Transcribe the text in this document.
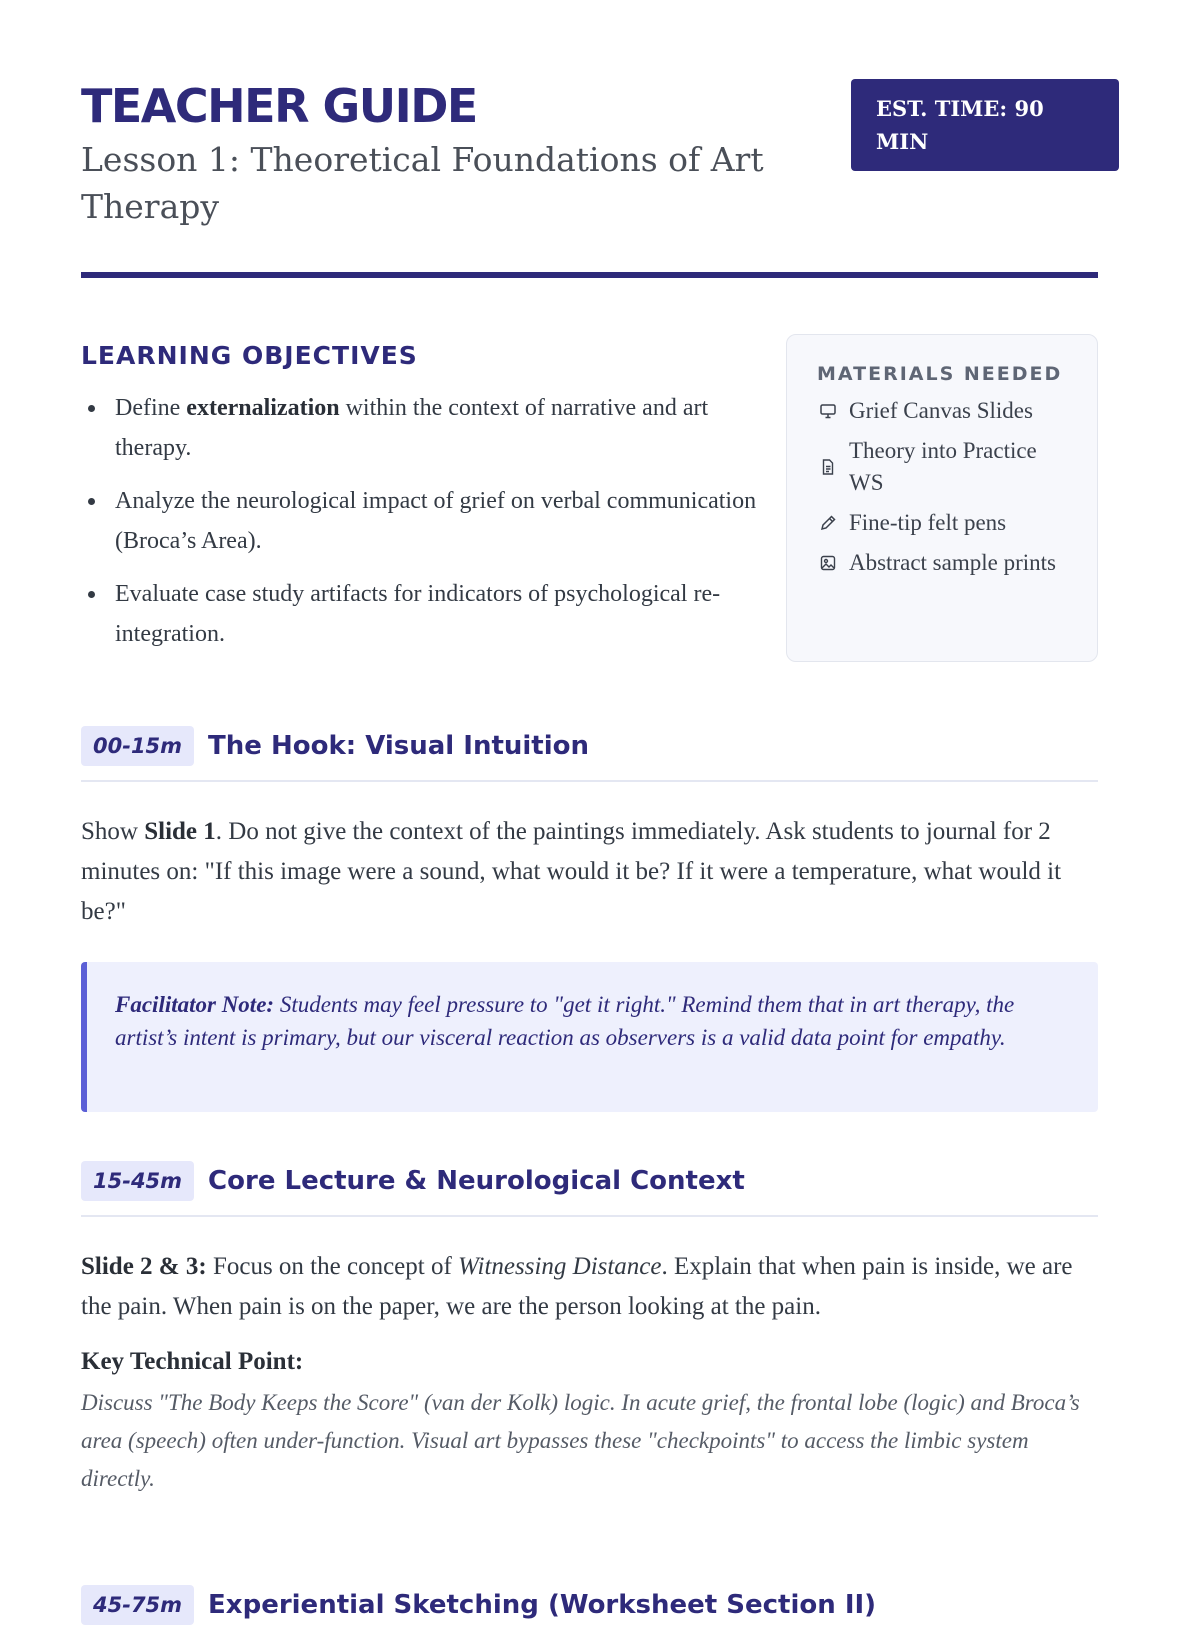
TEACHER GUIDE
Lesson 1: Theoretical Foundations of Art Therapy
EST. TIME: 90 MIN
LEARNING OBJECTIVES
Define externalization within the context of narrative and art therapy.
Analyze the neurological impact of grief on verbal communication (Broca’s Area).
Evaluate case study artifacts for indicators of psychological re-integration.
MATERIALS NEEDED
Grief Canvas Slides
Theory into Practice WS
Fine-tip felt pens
Abstract sample prints
00-15m	The Hook: Visual Intuition

Show Slide 1. Do not give the context of the paintings immediately. Ask students to journal for 2 minutes on: "If this image were a sound, what would it be? If it were a temperature, what would it be?"

Facilitator Note: Students may feel pressure to "get it right." Remind them that in art therapy, the artist’s intent is primary, but our visceral reaction as observers is a valid data point for empathy.
15-45m	Core Lecture & Neurological Context

Slide 2 & 3: Focus on the concept of Witnessing Distance. Explain that when pain is inside, we are the pain. When pain is on the paper, we are the person looking at the pain.

Key Technical Point:
Discuss "The Body Keeps the Score" (van der Kolk) logic. In acute grief, the frontal lobe (logic) and Broca’s area (speech) often under-function. Visual art bypasses these "checkpoints" to access the limbic system directly.
45-75m	Experiential Sketching (Worksheet Section II)
